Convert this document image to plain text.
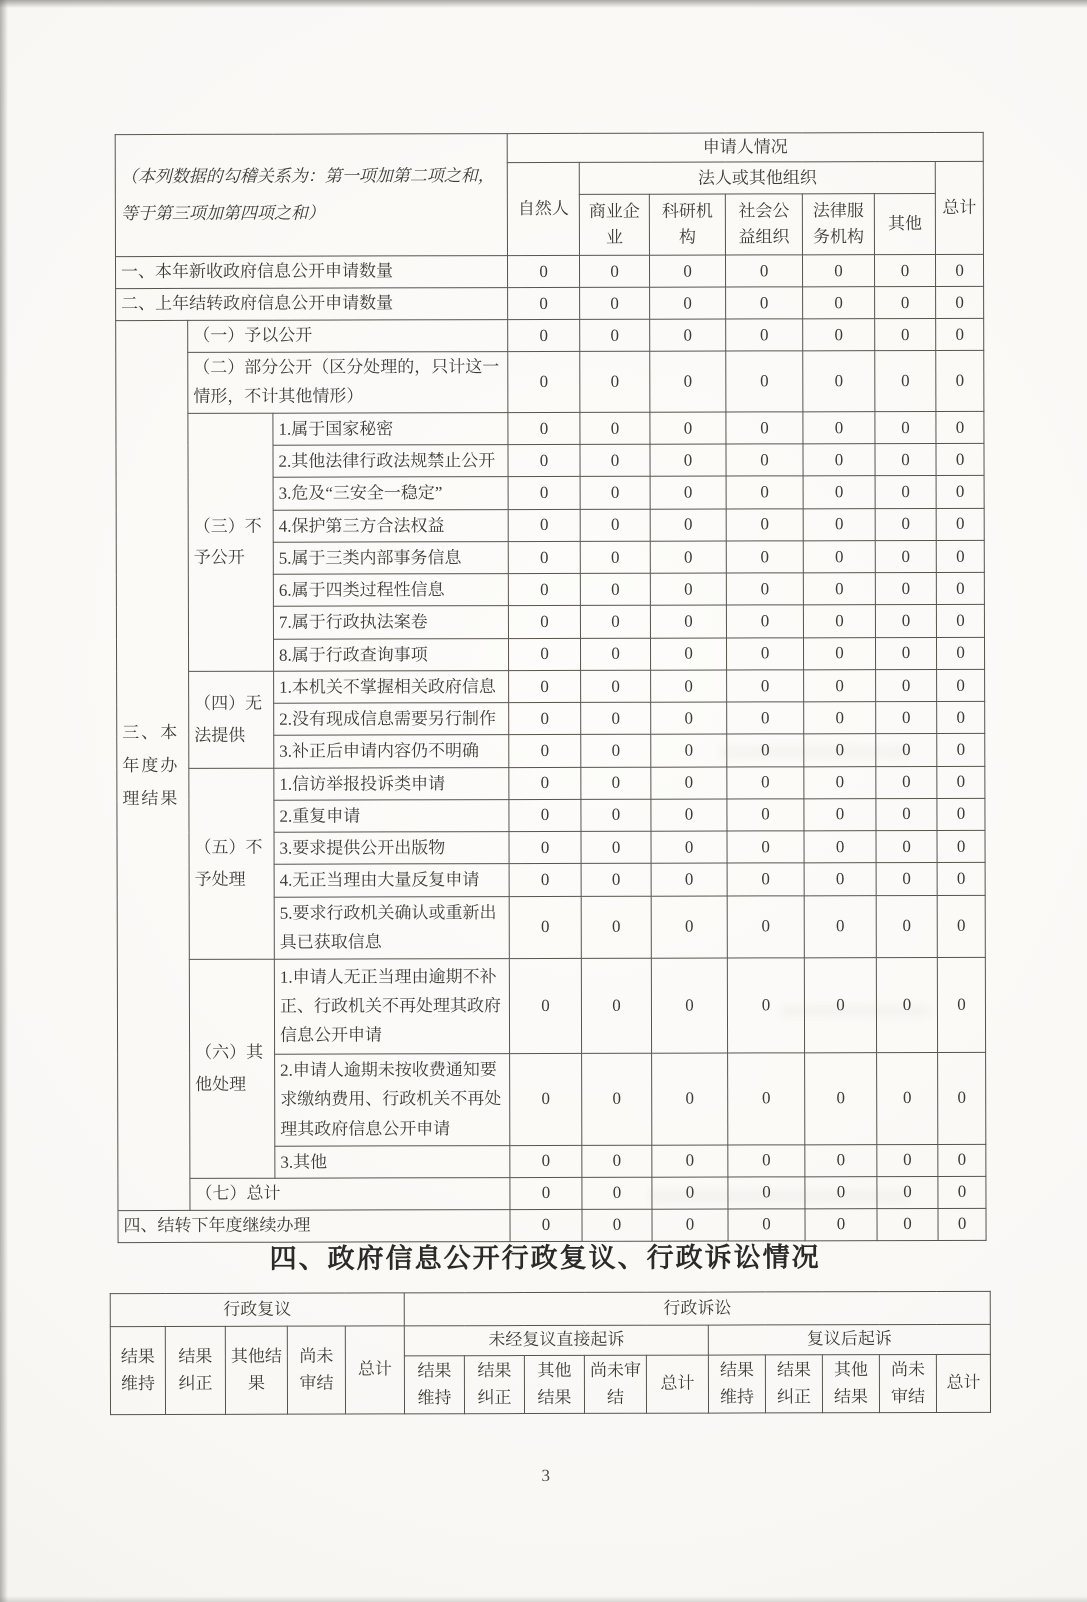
（本列数据的勾稽关系为：第一项加第二项之和，等于第三项加第四项之和）			申请人情况						
			自然人	法人或其他组织					总计
				商业企业	科研机构	社会公益组织	法律服务机构	其他	
一、本年新收政府信息公开申请数量			0	0	0	0	0	0	0
二、上年结转政府信息公开申请数量			0	0	0	0	0	0	0
三、本年度办理结果	（一）予以公开		0	0	0	0	0	0	0
	（二）部分公开（区分处理的，只计这一情形，不计其他情形）		0	0	0	0	0	0	0
	（三）不予公开	1.属于国家秘密	0	0	0	0	0	0	0
		2.其他法律行政法规禁止公开	0	0	0	0	0	0	0
		3.危及“三安全一稳定”	0	0	0	0	0	0	0
		4.保护第三方合法权益	0	0	0	0	0	0	0
		5.属于三类内部事务信息	0	0	0	0	0	0	0
		6.属于四类过程性信息	0	0	0	0	0	0	0
		7.属于行政执法案卷	0	0	0	0	0	0	0
		8.属于行政查询事项	0	0	0	0	0	0	0
	（四）无法提供	1.本机关不掌握相关政府信息	0	0	0	0	0	0	0
		2.没有现成信息需要另行制作	0	0	0	0	0	0	0
		3.补正后申请内容仍不明确	0	0	0	0	0	0	0
	（五）不予处理	1.信访举报投诉类申请	0	0	0	0	0	0	0
		2.重复申请	0	0	0	0	0	0	0
		3.要求提供公开出版物	0	0	0	0	0	0	0
		4.无正当理由大量反复申请	0	0	0	0	0	0	0
		5.要求行政机关确认或重新出具已获取信息	0	0	0	0	0	0	0
	（六）其他处理	1.申请人无正当理由逾期不补正、行政机关不再处理其政府信息公开申请	0	0	0	0	0	0	0
		2.申请人逾期未按收费通知要求缴纳费用、行政机关不再处理其政府信息公开申请	0	0	0	0	0	0	0
		3.其他	0	0	0	0	0	0	0
	（七）总计		0	0	0	0	0	0	0
四、结转下年度继续办理			0	0	0	0	0	0	0
四、政府信息公开行政复议、行政诉讼情况
行政复议					行政诉讼									
结果维持	结果纠正	其他结果	尚未审结	总计	未经复议直接起诉					复议后起诉				
					结果维持	结果纠正	其他结果	尚未审结	总计	结果维持	结果纠正	其他结果	尚未审结	总计
3
